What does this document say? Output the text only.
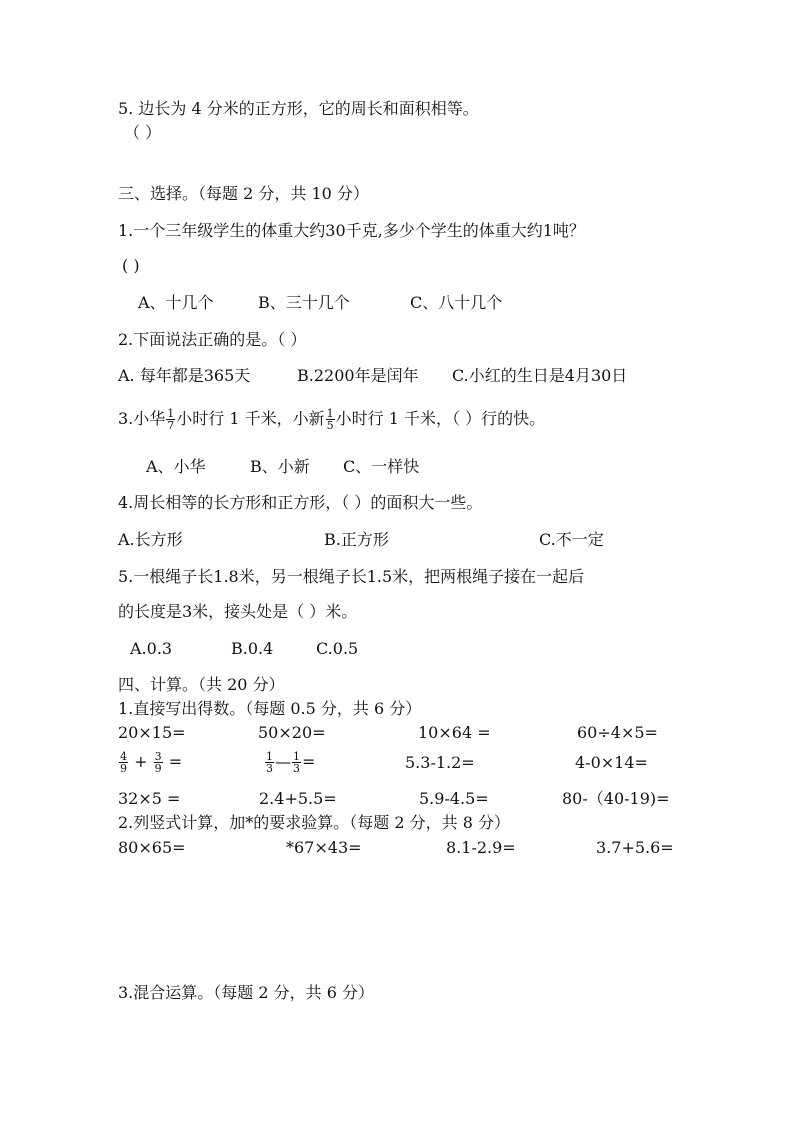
5. 边长为 4 分米的正方形，它的周长和面积相等。
（ ）
三、选择。（每题 2 分，共 10 分）
1.一个三年级学生的体重大约30千克,多少个学生的体重大约1吨？
( )
A、十几个	B、三十几个	C、八十几个
2.下面说法正确的是。（ ）
A. 每年都是365天	B.2200年是闰年 C.小红的生日是4月30日
3.小华 $\frac{1}{7}$ 小时行 1 千米，小新 $\frac{1}{5}$ 小时行 1 千米，（ ）行的快。
A、小华	B、小新 C、一样快
4.周长相等的长方形和正方形，（ ）的面积大一些。
A.长方形	B.正方形	C.不一定
5.一根绳子长1.8米，另一根绳子长1.5米，把两根绳子接在一起后
的长度是3米，接头处是（ ）米。
A.0.3	B.0.4	C.0.5
四、计算。（共 20 分）
1.直接写出得数。（每题 0.5 分，共 6 分）
20×15=	50×20=	10×64 =	60÷4×5=
$\frac{4}{9} + \frac{3}{9}$ =	$\frac{1}{3}$ — $\frac{1}{3}$ =	5.3-1.2=	4-0×14=
32×5 =	2.4+5.5=	5.9-4.5=	80-（40-19)=
2.列竖式计算，加*的要求验算。（每题 2 分，共 8 分）
80×65=	*67×43=	8.1-2.9=	3.7+5.6=
3.混合运算。（每题 2 分，共 6 分）
